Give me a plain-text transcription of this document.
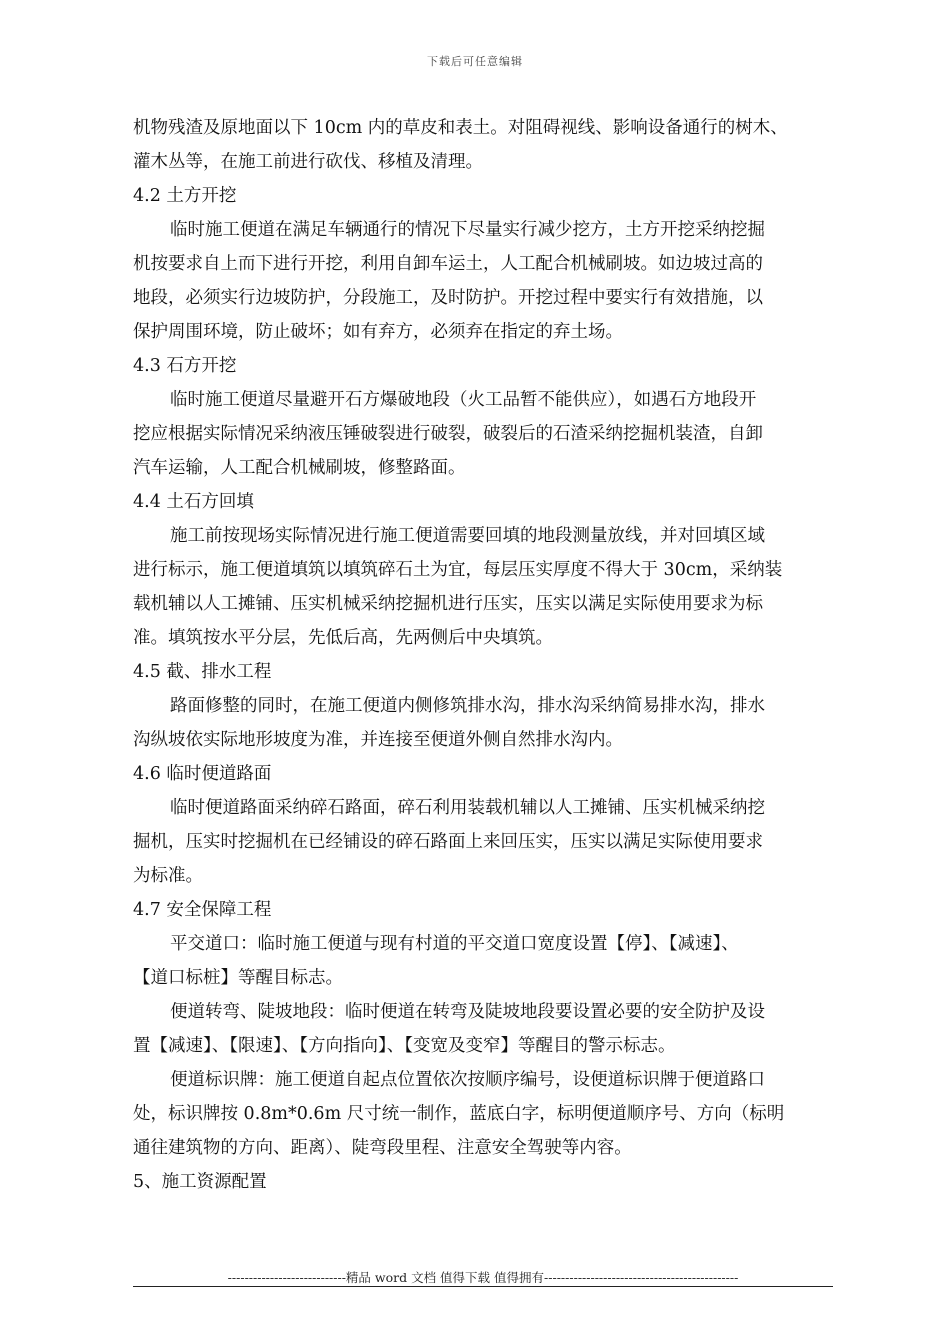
下载后可任意编辑
机物残渣及原地面以下 10cm 内的草皮和表土。对阻碍视线、影响设备通行的树木、
灌木丛等，在施工前进行砍伐、移植及清理。
4.2 土方开挖
临时施工便道在满足车辆通行的情况下尽量实行减少挖方，土方开挖采纳挖掘
机按要求自上而下进行开挖，利用自卸车运土，人工配合机械刷坡。如边坡过高的
地段，必须实行边坡防护，分段施工，及时防护。开挖过程中要实行有效措施，以
保护周围环境，防止破坏；如有弃方，必须弃在指定的弃土场。
4.3 石方开挖
临时施工便道尽量避开石方爆破地段（火工品暂不能供应），如遇石方地段开
挖应根据实际情况采纳液压锤破裂进行破裂，破裂后的石渣采纳挖掘机装渣，自卸
汽车运输，人工配合机械刷坡，修整路面。
4.4 土石方回填
施工前按现场实际情况进行施工便道需要回填的地段测量放线，并对回填区域
进行标示，施工便道填筑以填筑碎石土为宜，每层压实厚度不得大于 30cm，采纳装
载机辅以人工摊铺、压实机械采纳挖掘机进行压实，压实以满足实际使用要求为标
准。填筑按水平分层，先低后高，先两侧后中央填筑。
4.5 截、排水工程
路面修整的同时，在施工便道内侧修筑排水沟，排水沟采纳简易排水沟，排水
沟纵坡依实际地形坡度为准，并连接至便道外侧自然排水沟内。
4.6 临时便道路面
临时便道路面采纳碎石路面，碎石利用装载机辅以人工摊铺、压实机械采纳挖
掘机，压实时挖掘机在已经铺设的碎石路面上来回压实，压实以满足实际使用要求
为标准。
4.7 安全保障工程
平交道口：临时施工便道与现有村道的平交道口宽度设置【停】、【减速】、
【道口标桩】等醒目标志。
便道转弯、陡坡地段：临时便道在转弯及陡坡地段要设置必要的安全防护及设
置【减速】、【限速】、【方向指向】、【变宽及变窄】等醒目的警示标志。
便道标识牌：施工便道自起点位置依次按顺序编号，设便道标识牌于便道路口
处，标识牌按 0.8m*0.6m 尺寸统一制作，蓝底白字，标明便道顺序号、方向（标明
通往建筑物的方向、距离）、陡弯段里程、注意安全驾驶等内容。
5、施工资源配置
----------------------------精品 word 文档 值得下载 值得拥有----------------------------------------------
